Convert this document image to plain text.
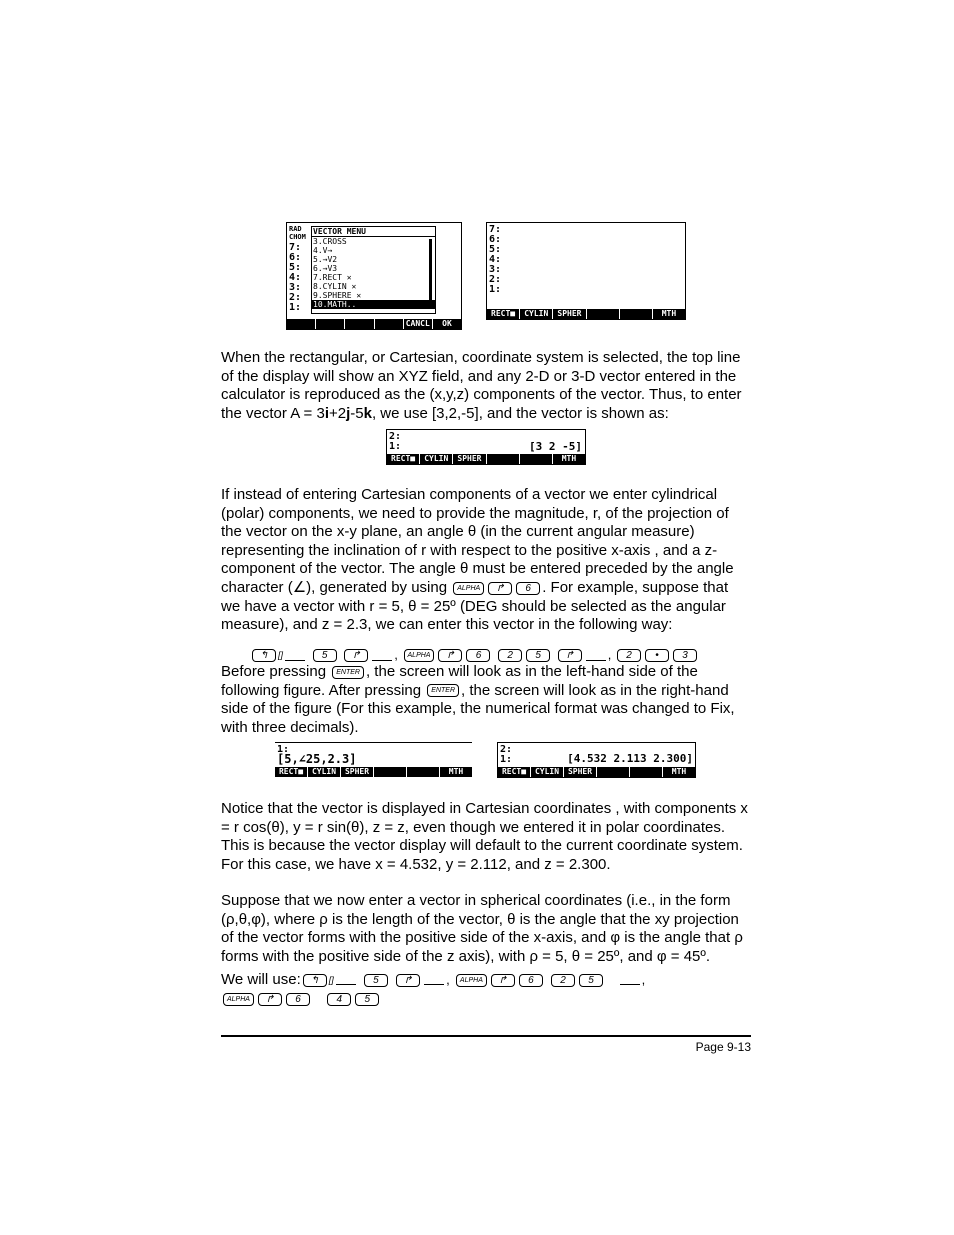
RAD
CHOM
7:
6:
5:
4:
3:
2:
1:
VECTOR MENU
3.CROSS
4.V→
5.→V2
6.→V3
7.RECT ✕
8.CYLIN ✕
9.SPHERE ✕
10.MATH..
CANCL	OK
7:
6:
5:
4:
3:
2:
1:
RECT■	CYLIN	SPHER	MTH

When the rectangular, or Cartesian, coordinate system is selected, the top line of the display will show an XYZ field, and any 2-D or 3-D vector entered in the calculator is reproduced as the (x,y,z) components of the vector. Thus, to enter the vector A = 3i+2j-5k, we use [3,2,-5], and the vector is shown as:

2:
1:	[3 2 -5]
RECT■	CYLIN	SPHER	MTH

If instead of entering Cartesian components of a vector we enter cylindrical (polar) components, we need to provide the magnitude, r, of the projection of the vector on the x-y plane, an angle θ (in the current angular measure) representing the inclination of r with respect to the positive x-axis , and a z-component of the vector. The angle θ must be entered preceded by the angle character (∠), generated by using ALPHA ↱ 6 . For example, suppose that we have a vector with r = 5, θ = 25º (DEG should be selected as the angular measure), and z = 2.3, we can enter this vector in the following way:

↰ []	5 ↱	, ALPHA ↱ 6	2 5 ↱	, 2 • 3

Before pressing ENTER , the screen will look as in the left-hand side of the following figure. After pressing ENTER , the screen will look as in the right-hand side of the figure (For this example, the numerical format was changed to Fix, with three decimals).

1:
[5,∠25,2.3]
RECT■	CYLIN	SPHER	MTH
2:
1:	[4.532 2.113 2.300]
RECT■	CYLIN	SPHER	MTH

Notice that the vector is displayed in Cartesian coordinates , with components x = r cos(θ), y = r sin(θ), z = z, even though we entered it in polar coordinates. This is because the vector display will default to the current coordinate system. For this case, we have x = 4.532, y = 2.112, and z = 2.300.

Suppose that we now enter a vector in spherical coordinates (i.e., in the form (ρ,θ,φ), where ρ is the length of the vector, θ is the angle that the xy projection of the vector forms with the positive side of the x-axis, and φ is the angle that ρ forms with the positive side of the z axis), with ρ = 5, θ = 25º, and φ = 45º.

We will use: ↰ []	5	↱	, ALPHA ↱ 6	2 5	,
ALPHA ↱ 6	4 5
Page 9-13
